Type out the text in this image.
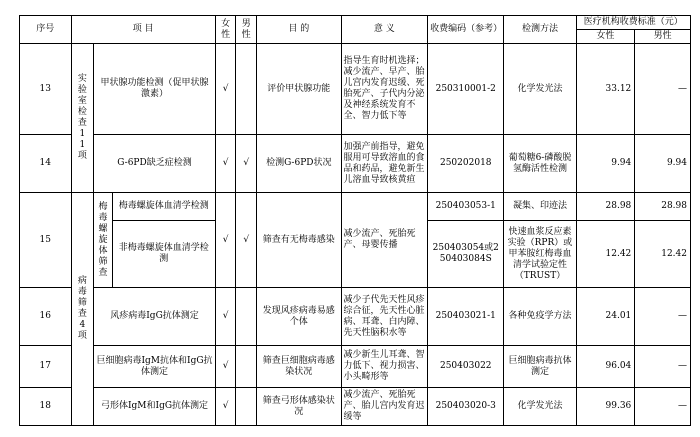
序号	项 目			女性	男性	目 的	意 义	收费编码（参考）	检测方法	医疗机构收费标准（元）	
										女性	男性
13	实验室检查11项	甲状腺功能检测（促甲状腺激素）		√		评价甲状腺功能	指导生育时机选择；减少流产、早产、胎儿宫内发育迟缓、死胎死产、子代内分泌及神经系统发育不全、智力低下等	250310001-2	化学发光法	33.12	—
14		G-6PD缺乏症检测		√	√	检测G-6PD状况	加强产前指导，避免服用可导致溶血的食品和药品，避免新生儿溶血导致核黄疸	250202018	葡萄糖6-磷酸脱氢酶活性检测	9.94	9.94
15	病毒筛查4项	梅毒螺旋体筛查	梅毒螺旋体血清学检测	√	√	筛查有无梅毒感染	减少流产、死胎死产、母婴传播	250403053-1	凝集、印迹法	28.98	28.98
			非梅毒螺旋体血清学检测					250403054或250403084S	快速血浆反应素实验（RPR）或甲苯胺红梅毒血清学试验定性（TRUST）	12.42	12.42
16		风疹病毒IgG抗体测定		√		发现风疹病毒易感个体	减少子代先天性风疹综合征，先天性心脏病、耳聋、白内障、先天性脑积水等	250403021-1	各种免疫学方法	24.01	—
17		巨细胞病毒IgM抗体和IgG抗体测定		√		筛查巨细胞病毒感染状况	减少新生儿耳聋、智力低下、视力损害、小头畸形等	250403022	巨细胞病毒抗体测定	96.04	—
18		弓形体IgM和IgG抗体测定		√		筛查弓形体感染状况	减少流产、死胎死产、胎儿宫内发育迟缓等	250403020-3	化学发光法	99.36	—
